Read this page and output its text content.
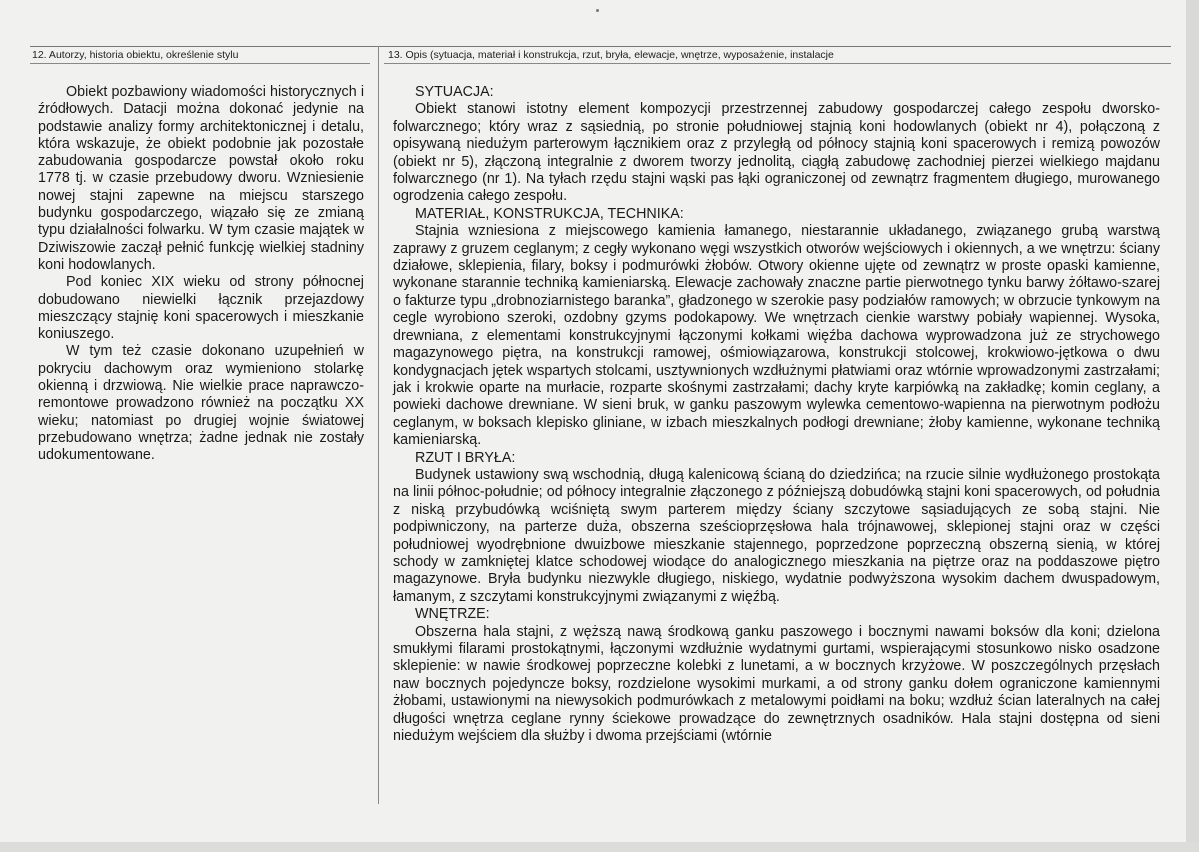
12. Autorzy, historia obiektu, określenie stylu	13. Opis (sytuacja, materiał i konstrukcja, rzut, bryła, elewacje, wnętrze, wyposażenie, instalacje

Obiekt pozbawiony wiadomości historycznych i źródłowych. Datacji można dokonać jedynie na podstawie analizy formy architektonicznej i detalu, która wskazuje, że obiekt podobnie jak pozostałe zabudowania gospodarcze powstał około roku 1778 tj. w czasie przebudowy dworu. Wzniesienie nowej stajni zapewne na miejscu starszego budynku gospodarczego, wiązało się ze zmianą typu działalności folwarku. W tym czasie majątek w Dziwiszowie zaczął pełnić funkcję wielkiej stadniny koni hodowlanych.

Pod koniec XIX wieku od strony północnej dobudowano niewielki łącznik przejazdowy mieszczący stajnię koni spacerowych i mieszkanie koniuszego.

W tym też czasie dokonano uzupełnień w pokryciu dachowym oraz wymieniono stolarkę okienną i drzwiową. Nie wielkie prace naprawczo-remontowe prowadzono również na początku XX wieku; natomiast po drugiej wojnie światowej przebudowano wnętrza; żadne jednak nie zostały udokumentowane.

SYTUACJA:

Obiekt stanowi istotny element kompozycji przestrzennej zabudowy gospodarczej całego zespołu dworsko-folwarcznego; który wraz z sąsiednią, po stronie południowej stajnią koni hodowlanych (obiekt nr 4), połączoną z opisywaną niedużym parterowym łącznikiem oraz z przyległą od północy stajnią koni spacerowych i remizą powozów (obiekt nr 5), złączoną integralnie z dworem tworzy jednolitą, ciągłą zabudowę zachodniej pierzei wielkiego majdanu folwarcznego (nr 1). Na tyłach rzędu stajni wąski pas łąki ograniczonej od zewnątrz fragmentem długiego, murowanego ogrodzenia całego zespołu.

MATERIAŁ, KONSTRUKCJA, TECHNIKA:

Stajnia wzniesiona z miejscowego kamienia łamanego, niestarannie układanego, związanego grubą warstwą zaprawy z gruzem ceglanym; z cegły wykonano węgi wszystkich otworów wejściowych i okiennych, a we wnętrzu: ściany działowe, sklepienia, filary, boksy i podmurówki żłobów. Otwory okienne ujęte od zewnątrz w proste opaski kamienne, wykonane starannie techniką kamieniarską. Elewacje zachowały znaczne partie pierwotnego tynku barwy żółtawo-szarej o fakturze typu „drobnoziarnistego baranka”, gładzonego w szerokie pasy podziałów ramowych; w obrzucie tynkowym na cegle wyrobiono szeroki, ozdobny gzyms podokapowy. We wnętrzach cienkie warstwy pobiały wapiennej. Wysoka, drewniana, z elementami konstrukcyjnymi łączonymi kołkami więźba dachowa wyprowadzona już ze strychowego magazynowego piętra, na konstrukcji ramowej, ośmiowiązarowa, konstrukcji stolcowej, krokwiowo-jętkowa o dwu kondygnacjach jętek wspartych stolcami, usztywnionych wzdłużnymi płatwiami oraz wtórnie wprowadzonymi zastrzałami; jak i krokwie oparte na murłacie, rozparte skośnymi zastrzałami; dachy kryte karpiówką na zakładkę; komin ceglany, a powieki dachowe drewniane. W sieni bruk, w ganku paszowym wylewka cementowo-wapienna na pierwotnym podłożu ceglanym, w boksach klepisko gliniane, w izbach mieszkalnych podłogi drewniane; żłoby kamienne, wykonane techniką kamieniarską.

RZUT I BRYŁA:

Budynek ustawiony swą wschodnią, długą kalenicową ścianą do dziedzińca; na rzucie silnie wydłużonego prostokąta na linii północ-południe; od północy integralnie złączonego z późniejszą dobudówką stajni koni spacerowych, od południa z niską przybudówką wciśniętą swym parterem między ściany szczytowe sąsiadujących ze sobą stajni. Nie podpiwniczony, na parterze duża, obszerna sześcioprzęsłowa hala trójnawowej, sklepionej stajni oraz w części południowej wyodrębnione dwuizbowe mieszkanie stajennego, poprzedzone poprzeczną obszerną sienią, w której schody w zamkniętej klatce schodowej wiodące do analogicznego mieszkania na piętrze oraz na poddaszowe piętro magazynowe. Bryła budynku niezwykle długiego, niskiego, wydatnie podwyższona wysokim dachem dwuspadowym, łamanym, z szczytami konstrukcyjnymi związanymi z więźbą.

WNĘTRZE:

Obszerna hala stajni, z węższą nawą środkową ganku paszowego i bocznymi nawami boksów dla koni; dzielona smukłymi filarami prostokątnymi, łączonymi wzdłużnie wydatnymi gurtami, wspierającymi stosunkowo nisko osadzone sklepienie: w nawie środkowej poprzeczne kolebki z lunetami, a w bocznych krzyżowe. W poszczególnych przęsłach naw bocznych pojedyncze boksy, rozdzielone wysokimi murkami, a od strony ganku dołem ograniczone kamiennymi żłobami, ustawionymi na niewysokich podmurówkach z metalowymi poidłami na boku; wzdłuż ścian lateralnych na całej długości wnętrza ceglane rynny ściekowe prowadzące do zewnętrznych osadników. Hala stajni dostępna od sieni niedużym wejściem dla służby i dwoma przejściami (wtórnie
